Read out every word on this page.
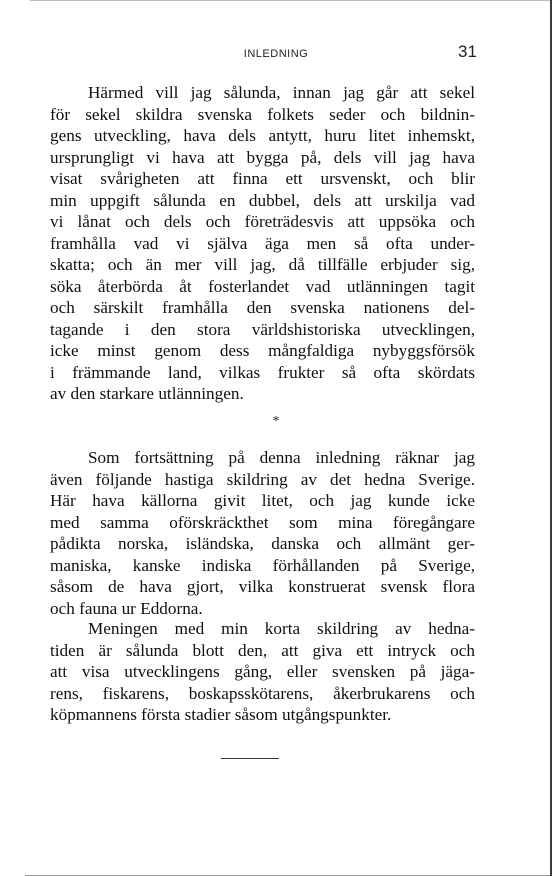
INLEDNING	31
Härmed vill jag sålunda, innan jag går att sekel
för sekel skildra svenska folkets seder och bildnin-
gens utveckling, hava dels antytt, huru litet inhemskt,
ursprungligt vi hava att bygga på, dels vill jag hava
visat svårigheten att finna ett ursvenskt, och blir
min uppgift sålunda en dubbel, dels att urskilja vad
vi lånat och dels och företrädesvis att uppsöka och
framhålla vad vi själva äga men så ofta under-
skatta; och än mer vill jag, då tillfälle erbjuder sig,
söka återbörda åt fosterlandet vad utlänningen tagit
och särskilt framhålla den svenska nationens del-
tagande i den stora världshistoriska utvecklingen,
icke minst genom dess mångfaldiga nybyggsförsök
i främmande land, vilkas frukter så ofta skördats
av den starkare utlänningen.
*
Som fortsättning på denna inledning räknar jag
även följande hastiga skildring av det hedna Sverige.
Här hava källorna givit litet, och jag kunde icke
med samma oförskräckthet som mina föregångare
pådikta norska, isländska, danska och allmänt ger-
maniska, kanske indiska förhållanden på Sverige,
såsom de hava gjort, vilka konstruerat svensk flora
och fauna ur Eddorna.
Meningen med min korta skildring av hedna-
tiden är sålunda blott den, att giva ett intryck och
att visa utvecklingens gång, eller svensken på jäga-
rens, fiskarens, boskapsskötarens, åkerbrukarens och
köpmannens första stadier såsom utgångspunkter.
